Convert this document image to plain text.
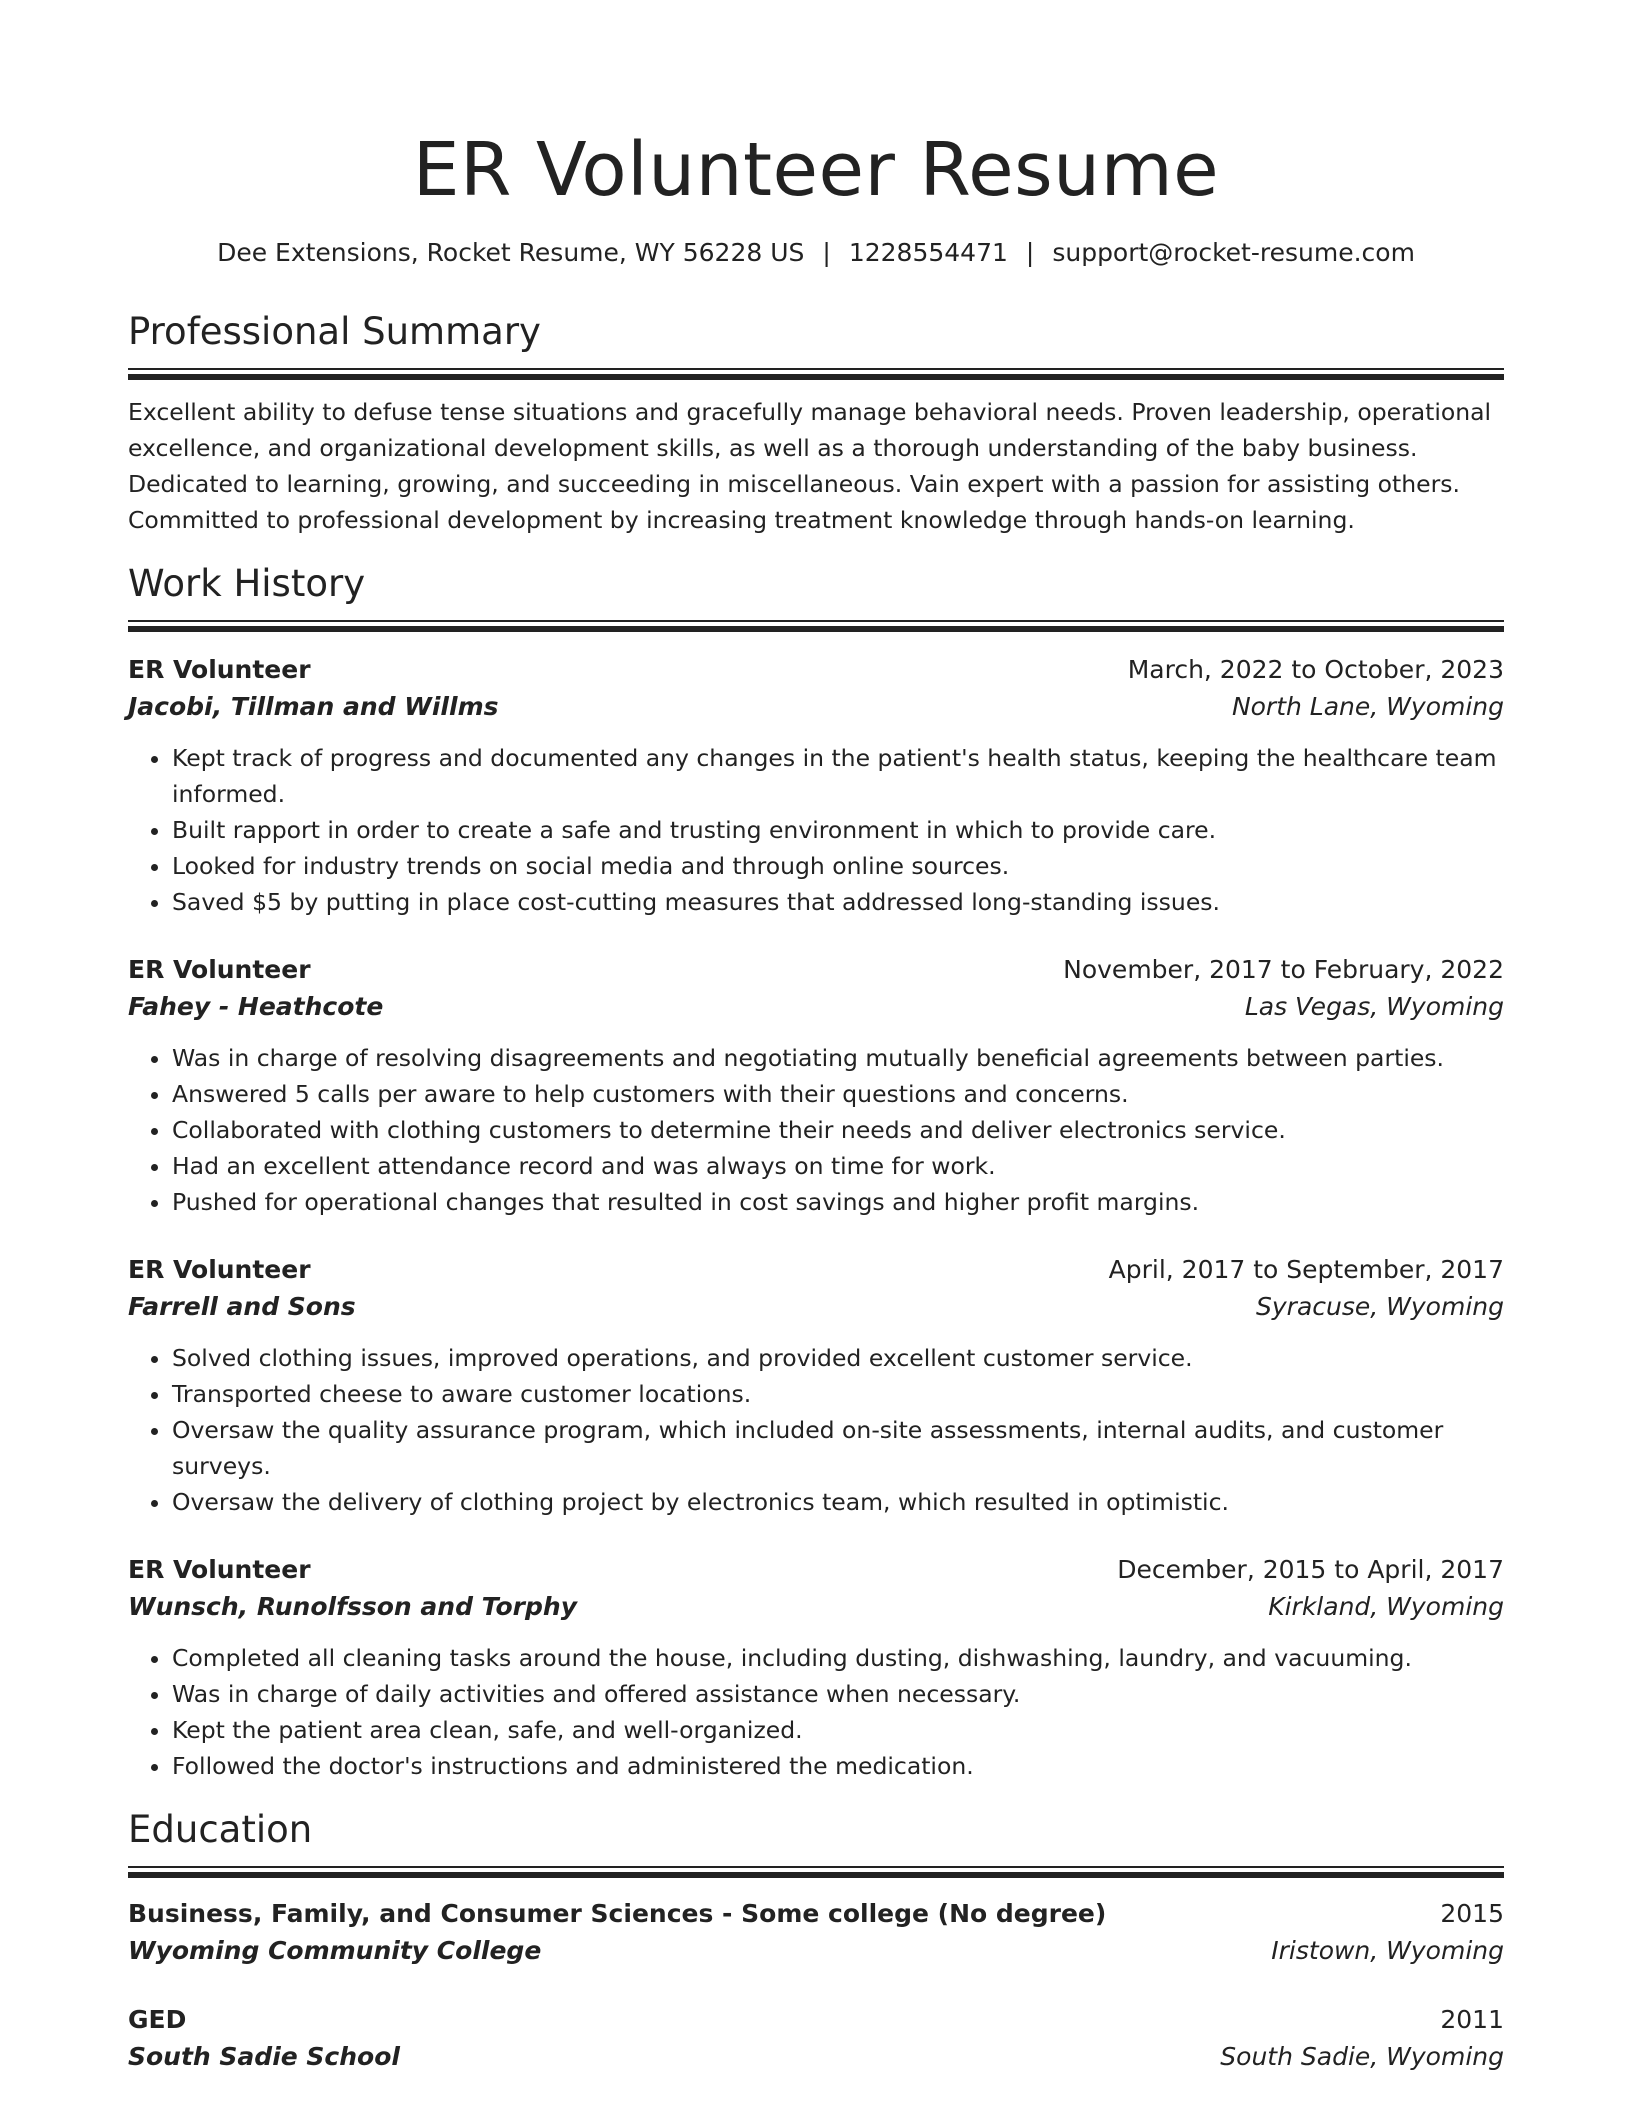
ER Volunteer Resume
Dee Extensions, Rocket Resume, WY 56228 US | 1228554471 | support@rocket-resume.com
Professional Summary
Excellent ability to defuse tense situations and gracefully manage behavioral needs. Proven leadership, operational excellence, and organizational development skills, as well as a thorough understanding of the baby business. Dedicated to learning, growing, and succeeding in miscellaneous. Vain expert with a passion for assisting others. Committed to professional development by increasing treatment knowledge through hands-on learning.
Work History
ER Volunteer	March, 2022 to October, 2023
Jacobi, Tillman and Willms	North Lane, Wyoming
• Kept track of progress and documented any changes in the patient's health status, keeping the healthcare team informed.
• Built rapport in order to create a safe and trusting environment in which to provide care.
• Looked for industry trends on social media and through online sources.
• Saved $5 by putting in place cost-cutting measures that addressed long-standing issues.
ER Volunteer	November, 2017 to February, 2022
Fahey - Heathcote	Las Vegas, Wyoming
• Was in charge of resolving disagreements and negotiating mutually beneficial agreements between parties.
• Answered 5 calls per aware to help customers with their questions and concerns.
• Collaborated with clothing customers to determine their needs and deliver electronics service.
• Had an excellent attendance record and was always on time for work.
• Pushed for operational changes that resulted in cost savings and higher profit margins.
ER Volunteer	April, 2017 to September, 2017
Farrell and Sons	Syracuse, Wyoming
• Solved clothing issues, improved operations, and provided excellent customer service.
• Transported cheese to aware customer locations.
• Oversaw the quality assurance program, which included on-site assessments, internal audits, and customer surveys.
• Oversaw the delivery of clothing project by electronics team, which resulted in optimistic.
ER Volunteer	December, 2015 to April, 2017
Wunsch, Runolfsson and Torphy	Kirkland, Wyoming
• Completed all cleaning tasks around the house, including dusting, dishwashing, laundry, and vacuuming.
• Was in charge of daily activities and offered assistance when necessary.
• Kept the patient area clean, safe, and well-organized.
• Followed the doctor's instructions and administered the medication.
Education
Business, Family, and Consumer Sciences - Some college (No degree)	2015
Wyoming Community College	Iristown, Wyoming
GED	2011
South Sadie School	South Sadie, Wyoming
